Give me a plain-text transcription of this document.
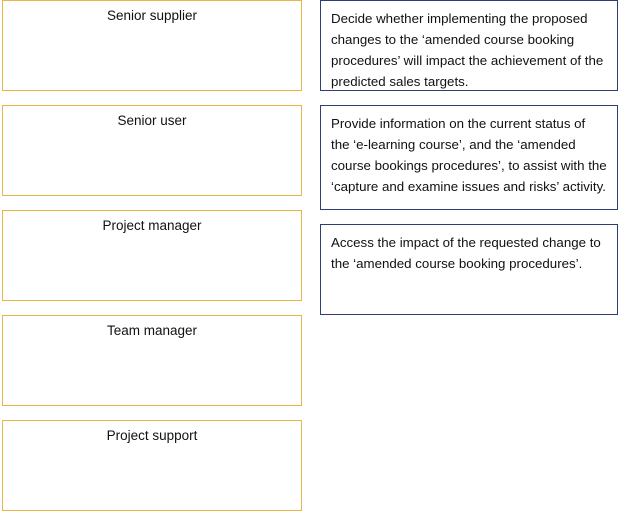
Senior supplier
Senior user
Project manager
Team manager
Project support

Decide whether implementing the proposed changes to the ‘amended course booking procedures’ will impact the achievement of the predicted sales targets.

Provide information on the current status of the ‘e-learning course’, and the ‘amended course bookings procedures’, to assist with the ‘capture and examine issues and risks’ activity.

Access the impact of the requested change to the ‘amended course booking procedures’.
